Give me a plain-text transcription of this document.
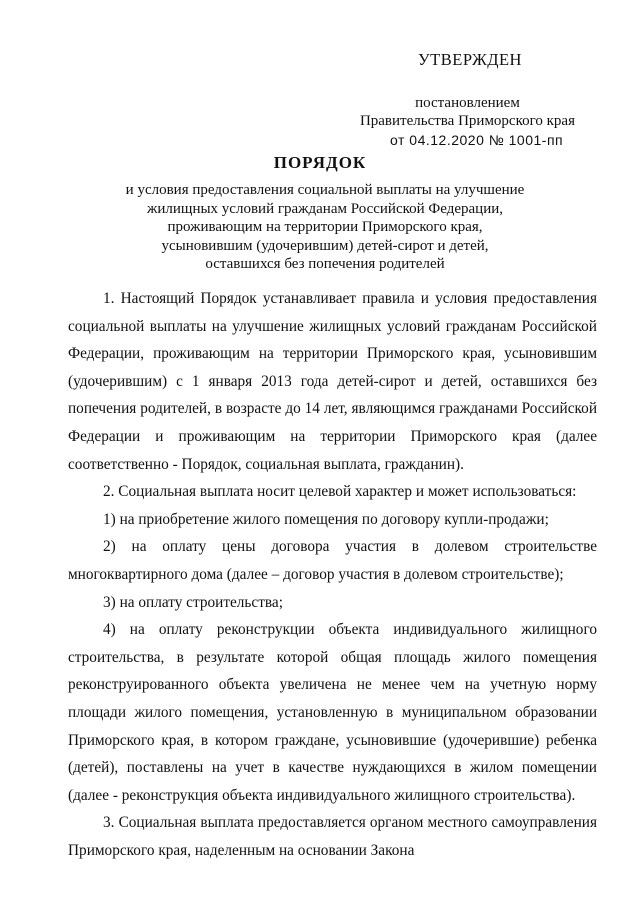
УТВЕРЖДЕН
постановлением
Правительства Приморского края
от 04.12.2020 № 1001-пп
ПОРЯДОК
и условия предоставления социальной выплаты на улучшение
жилищных условий гражданам Российской Федерации,
проживающим на территории Приморского края,
усыновившим (удочерившим) детей-сирот и детей,
оставшихся без попечения родителей

1. Настоящий Порядок устанавливает правила и условия предоставления социальной выплаты на улучшение жилищных условий гражданам Российской Федерации, проживающим на территории Приморского края, усыновившим (удочерившим) с 1 января 2013 года детей-сирот и детей, оставшихся без попечения родителей, в возрасте до 14 лет, являющимся гражданами Российской Федерации и проживающим на территории Приморского края (далее соответственно - Порядок, социальная выплата, гражданин).

2. Социальная выплата носит целевой характер и может использоваться:

1) на приобретение жилого помещения по договору купли-продажи;

2) на оплату цены договора участия в долевом строительстве многоквартирного дома (далее – договор участия в долевом строительстве);

3) на оплату строительства;

4) на оплату реконструкции объекта индивидуального жилищного строительства, в результате которой общая площадь жилого помещения реконструированного объекта увеличена не менее чем на учетную норму площади жилого помещения, установленную в муниципальном образовании Приморского края, в котором граждане, усыновившие (удочерившие) ребенка (детей), поставлены на учет в качестве нуждающихся в жилом помещении (далее - реконструкция объекта индивидуального жилищного строительства).

3. Социальная выплата предоставляется органом местного самоуправления Приморского края, наделенным на основании Закона
